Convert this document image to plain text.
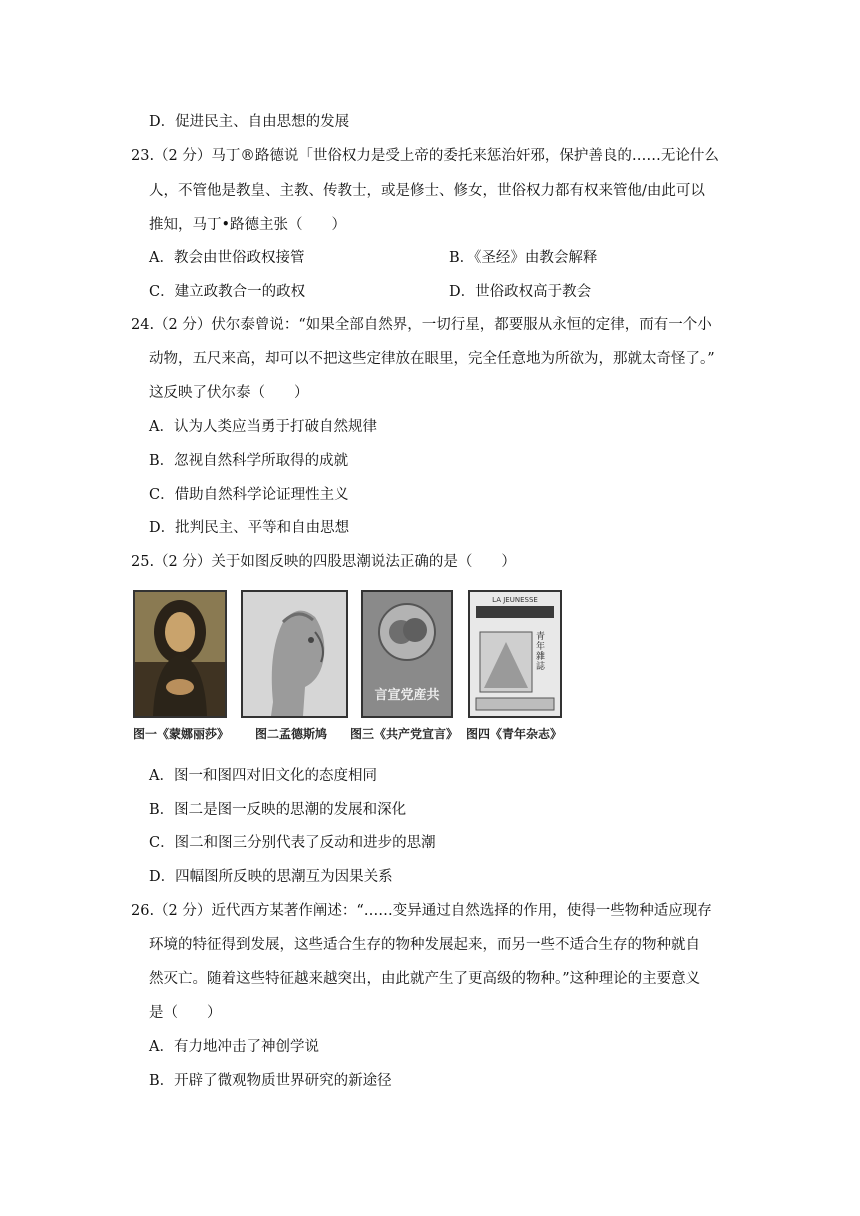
D．促进民主、自由思想的发展
23.（2 分）马丁®路德说「世俗权力是受上帝的委托来惩治奸邪，保护善良的……无论什么
人，不管他是教皇、主教、传教士，或是修士、修女，世俗权力都有权来管他/由此可以
推知，马丁•路德主张（　　）
A．教会由世俗政权接管	B．《圣经》由教会解释
C．建立政教合一的政权	D．世俗政权高于教会
24.（2 分）伏尔泰曾说：“如果全部自然界，一切行星，都要服从永恒的定律，而有一个小
动物，五尺来高，却可以不把这些定律放在眼里，完全任意地为所欲为，那就太奇怪了。”
这反映了伏尔泰（　　）
A．认为人类应当勇于打破自然规律
B．忽视自然科学所取得的成就
C．借助自然科学论证理性主义
D．批判民主、平等和自由思想
25.（2 分）关于如图反映的四股思潮说法正确的是（　　）
言宣党産共
LA JEUNESSE
青年雜誌
图一《蒙娜丽莎》 图二孟德斯鸠 图三《共产党宣言》 图四《青年杂志》
A．图一和图四对旧文化的态度相同
B．图二是图一反映的思潮的发展和深化
C．图二和图三分别代表了反动和进步的思潮
D．四幅图所反映的思潮互为因果关系
26.（2 分）近代西方某著作阐述：“……变异通过自然选择的作用，使得一些物种适应现存
环境的特征得到发展，这些适合生存的物种发展起来，而另一些不适合生存的物种就自
然灭亡。随着这些特征越来越突出，由此就产生了更高级的物种。”这种理论的主要意义
是（　　）
A．有力地冲击了神创学说
B．开辟了微观物质世界研究的新途径
